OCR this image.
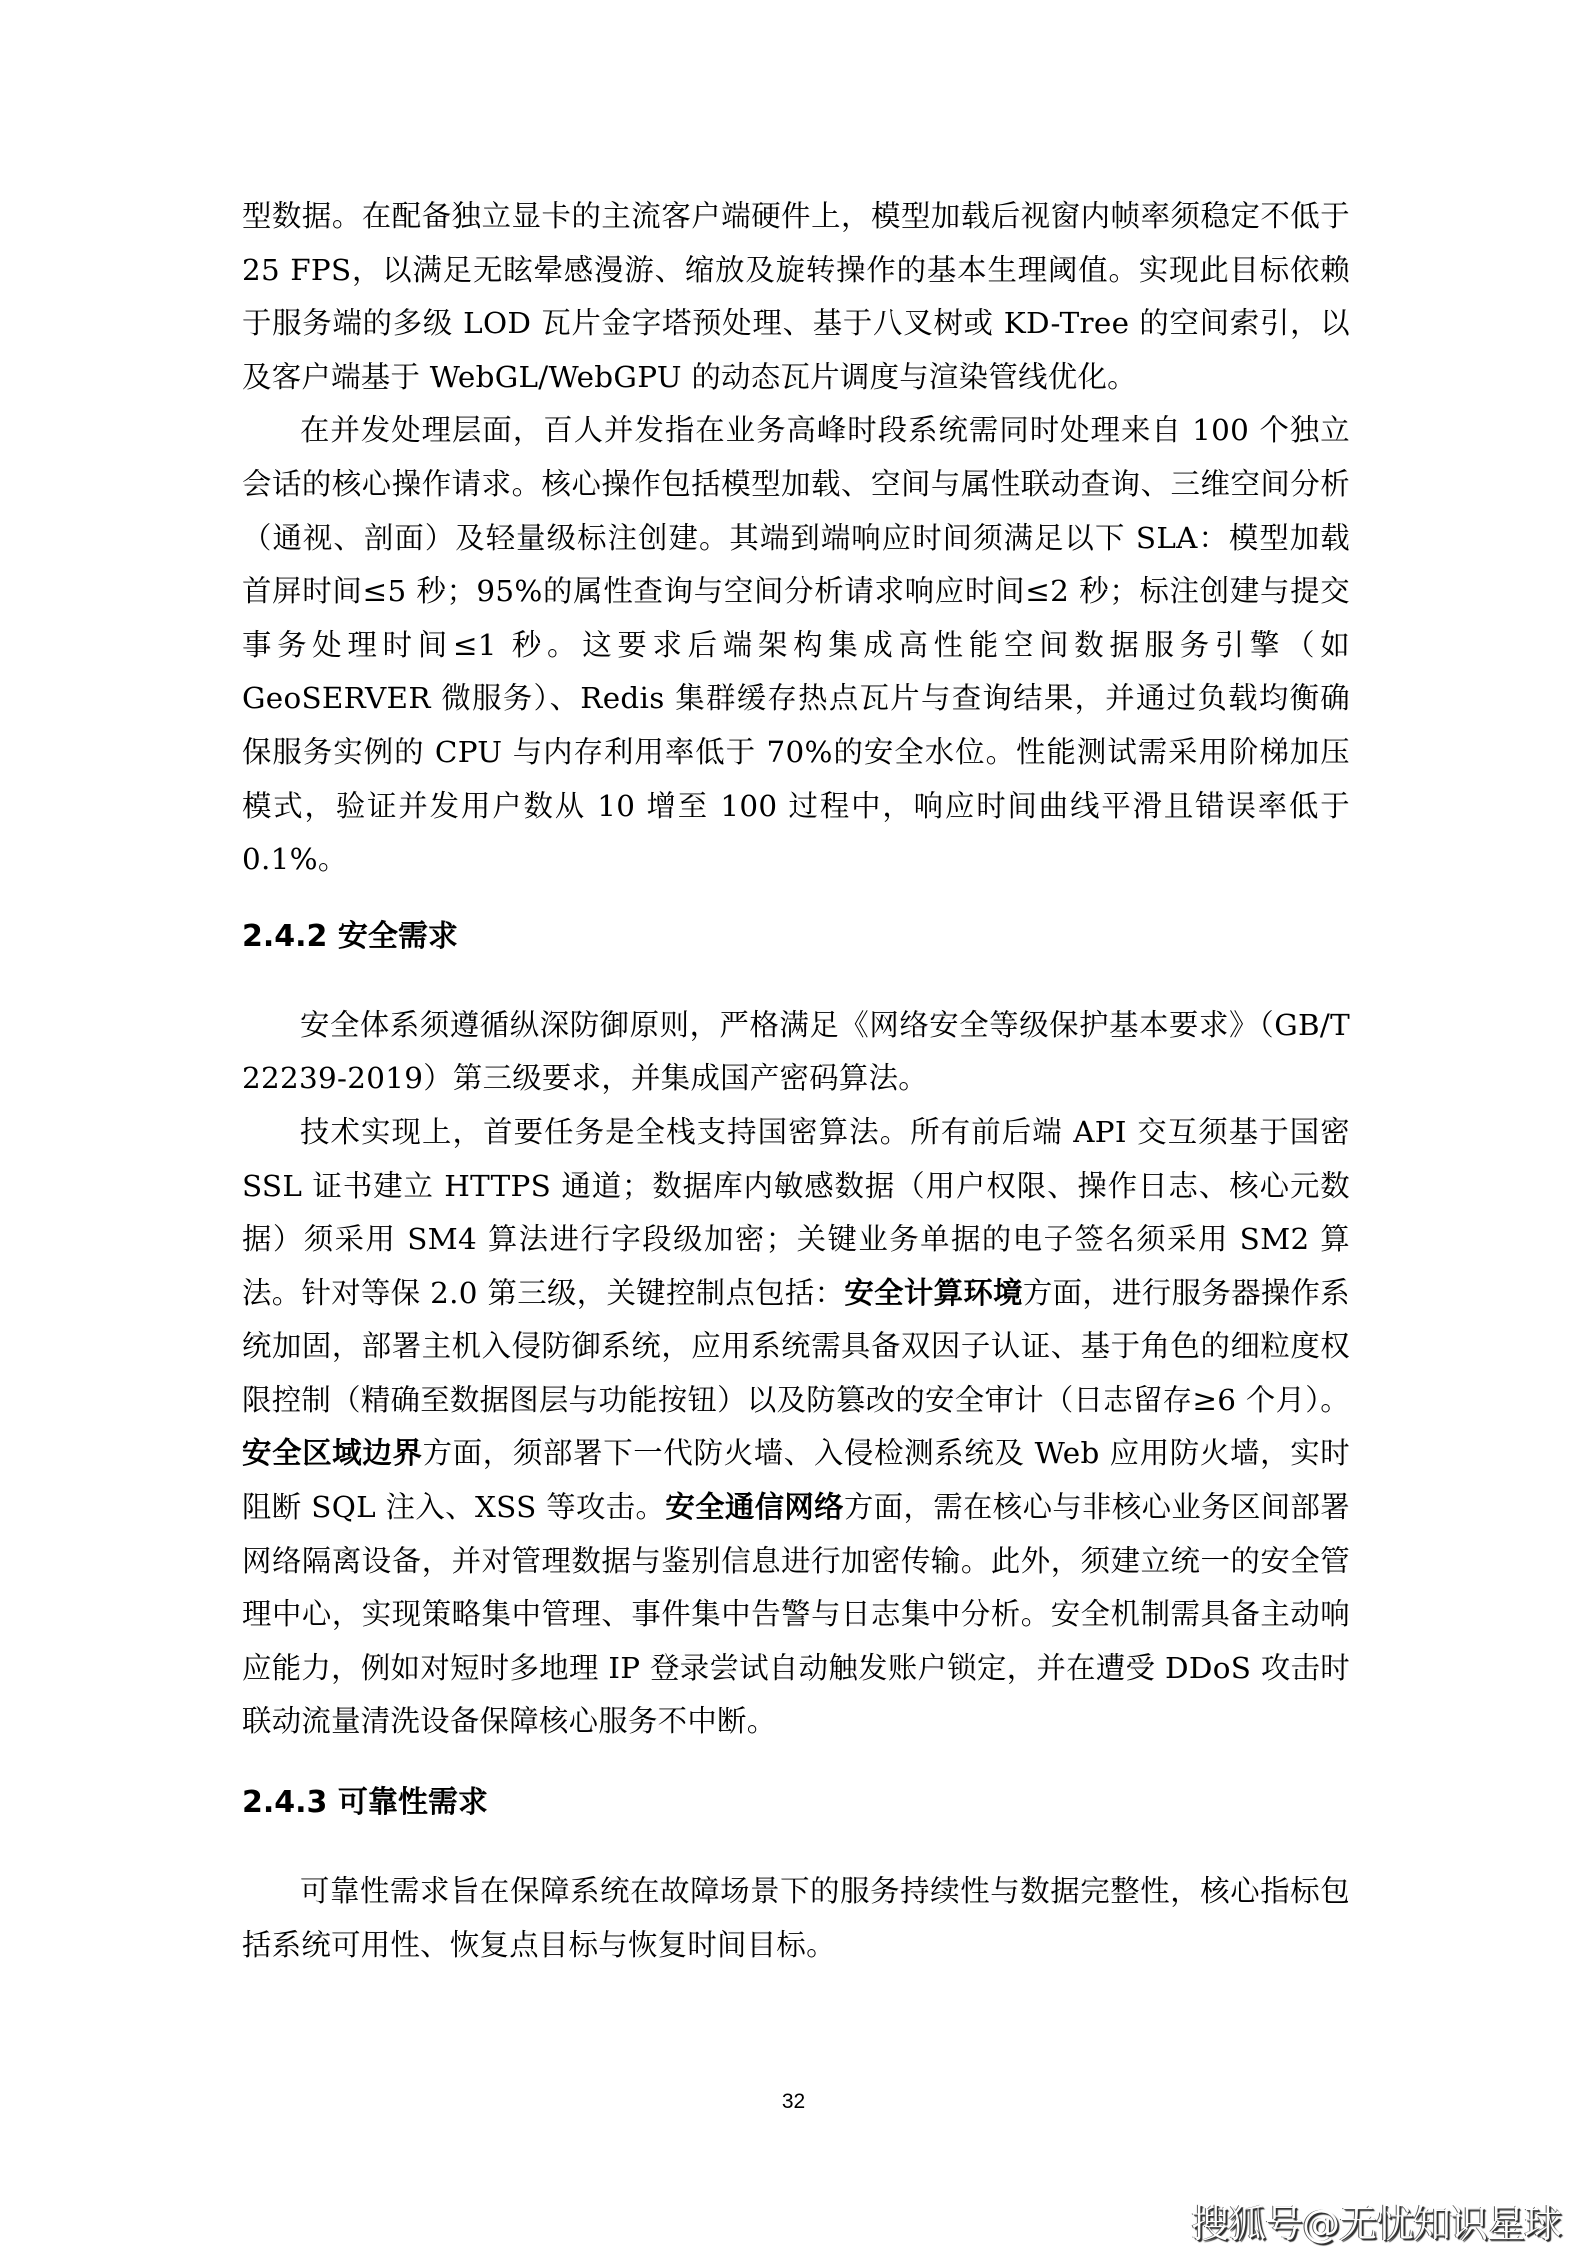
型数据。在配备独立显卡的主流客户端硬件上，模型加载后视窗内帧率须稳定不低于 25 FPS，以满足无眩晕感漫游、缩放及旋转操作的基本生理阈值。实现此目标依赖于服务端的多级 LOD 瓦片金字塔预处理、基于八叉树或 KD-Tree 的空间索引，以及客户端基于 WebGL/WebGPU 的动态瓦片调度与渲染管线优化。

在并发处理层面，百人并发指在业务高峰时段系统需同时处理来自 100 个独立会话的核心操作请求。核心操作包括模型加载、空间与属性联动查询、三维空间分析（通视、剖面）及轻量级标注创建。其端到端响应时间须满足以下 SLA：模型加载首屏时间≤5 秒；95%的属性查询与空间分析请求响应时间≤2 秒；标注创建与提交事务处理时间≤1 秒。这要求后端架构集成高性能空间数据服务引擎（如 GeoSERVER 微服务）、Redis 集群缓存热点瓦片与查询结果，并通过负载均衡确保服务实例的 CPU 与内存利用率低于 70%的安全水位。性能测试需采用阶梯加压模式，验证并发用户数从 10 增至 100 过程中，响应时间曲线平滑且错误率低于 0.1%。

2.4.2 安全需求

安全体系须遵循纵深防御原则，严格满足《网络安全等级保护基本要求》（GB/T 22239-2019）第三级要求，并集成国产密码算法。

技术实现上，首要任务是全栈支持国密算法。所有前后端 API 交互须基于国密 SSL 证书建立 HTTPS 通道；数据库内敏感数据（用户权限、操作日志、核心元数据）须采用 SM4 算法进行字段级加密；关键业务单据的电子签名须采用 SM2 算法。针对等保 2.0 第三级，关键控制点包括：安全计算环境方面，进行服务器操作系统加固，部署主机入侵防御系统，应用系统需具备双因子认证、基于角色的细粒度权限控制（精确至数据图层与功能按钮）以及防篡改的安全审计（日志留存≥6 个月）。安全区域边界方面，须部署下一代防火墙、入侵检测系统及 Web 应用防火墙，实时阻断 SQL 注入、XSS 等攻击。安全通信网络方面，需在核心与非核心业务区间部署网络隔离设备，并对管理数据与鉴别信息进行加密传输。此外，须建立统一的安全管理中心，实现策略集中管理、事件集中告警与日志集中分析。安全机制需具备主动响应能力，例如对短时多地理 IP 登录尝试自动触发账户锁定，并在遭受 DDoS 攻击时联动流量清洗设备保障核心服务不中断。

2.4.3 可靠性需求

可靠性需求旨在保障系统在故障场景下的服务持续性与数据完整性，核心指标包括系统可用性、恢复点目标与恢复时间目标。

32
搜狐号@无忧知识星球
